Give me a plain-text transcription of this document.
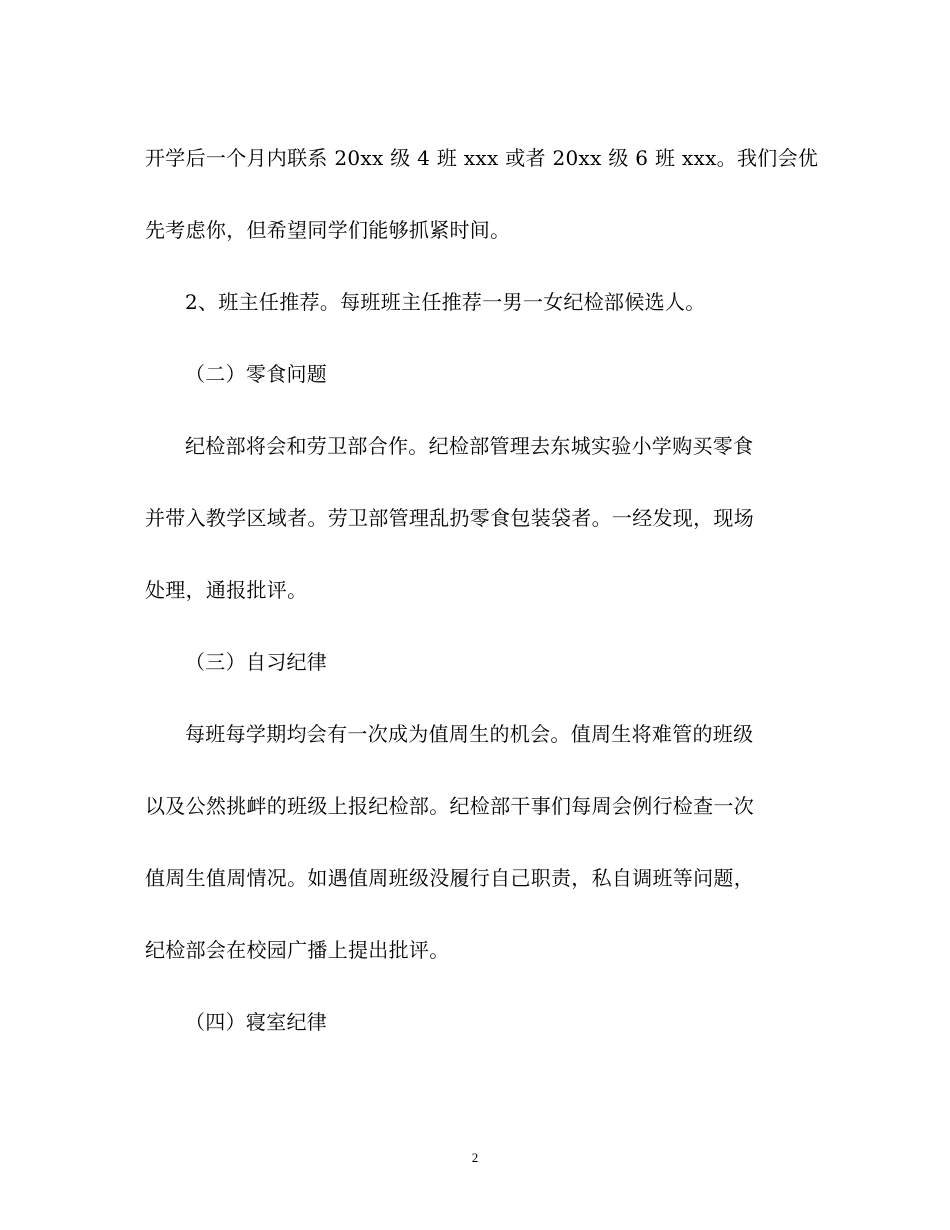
开学后一个月内联系 20xx 级 4 班 xxx 或者 20xx 级 6 班 xxx。我们会优
先考虑你，但希望同学们能够抓紧时间。
2、班主任推荐。每班班主任推荐一男一女纪检部候选人。
（二）零食问题
纪检部将会和劳卫部合作。纪检部管理去东城实验小学购买零食
并带入教学区域者。劳卫部管理乱扔零食包装袋者。一经发现，现场
处理，通报批评。
（三）自习纪律
每班每学期均会有一次成为值周生的机会。值周生将难管的班级
以及公然挑衅的班级上报纪检部。纪检部干事们每周会例行检查一次
值周生值周情况。如遇值周班级没履行自己职责，私自调班等问题，
纪检部会在校园广播上提出批评。
（四）寝室纪律
2
